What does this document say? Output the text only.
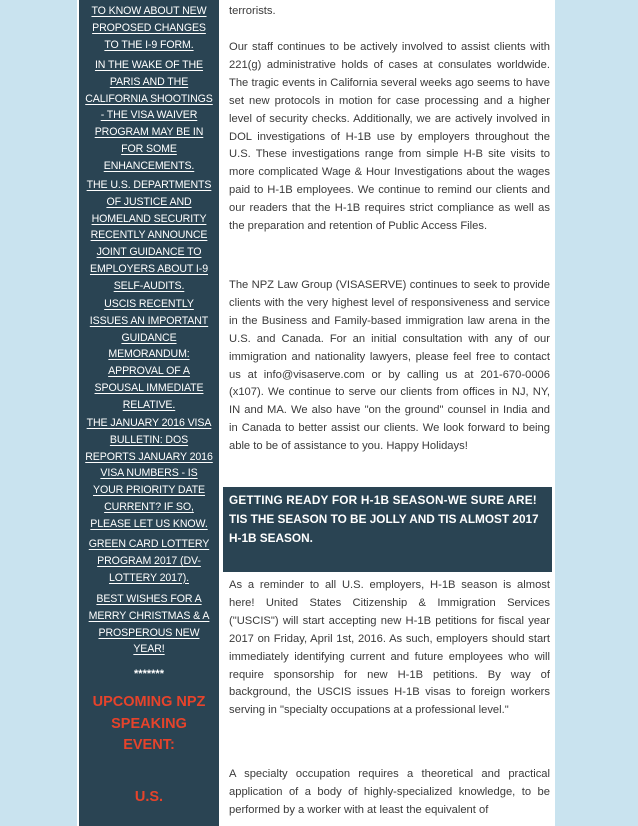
TO KNOW ABOUT NEW PROPOSED CHANGES TO THE I-9 FORM.
IN THE WAKE OF THE PARIS AND THE CALIFORNIA SHOOTINGS - THE VISA WAIVER PROGRAM MAY BE IN FOR SOME ENHANCEMENTS.
THE U.S. DEPARTMENTS OF JUSTICE AND HOMELAND SECURITY RECENTLY ANNOUNCE JOINT GUIDANCE TO EMPLOYERS ABOUT I-9 SELF-AUDITS.
USCIS RECENTLY ISSUES AN IMPORTANT GUIDANCE MEMORANDUM: APPROVAL OF A SPOUSAL IMMEDIATE RELATIVE.
THE JANUARY 2016 VISA BULLETIN: DOS REPORTS JANUARY 2016 VISA NUMBERS - IS YOUR PRIORITY DATE CURRENT? IF SO, PLEASE LET US KNOW.
GREEN CARD LOTTERY PROGRAM 2017 (DV-LOTTERY 2017).
BEST WISHES FOR A MERRY CHRISTMAS & A PROSPEROUS NEW YEAR!
*******
UPCOMING NPZ SPEAKING EVENT:
U.S.

terrorists.

Our staff continues to be actively involved to assist clients with 221(g) administrative holds of cases at consulates worldwide. The tragic events in California several weeks ago seems to have set new protocols in motion for case processing and a higher level of security checks. Additionally, we are actively involved in DOL investigations of H-1B use by employers throughout the U.S. These investigations range from simple H-B site visits to more complicated Wage & Hour Investigations about the wages paid to H-1B employees. We continue to remind our clients and our readers that the H-1B requires strict compliance as well as the preparation and retention of Public Access Files.

The NPZ Law Group (VISASERVE) continues to seek to provide clients with the very highest level of responsiveness and service in the Business and Family-based immigration law arena in the U.S. and Canada. For an initial consultation with any of our immigration and nationality lawyers, please feel free to contact us at info@visaserve.com or by calling us at 201-670-0006 (x107). We continue to serve our clients from offices in NJ, NY, IN and MA. We also have "on the ground" counsel in India and in Canada to better assist our clients. We look forward to being able to be of assistance to you. Happy Holidays!

As a reminder to all U.S. employers, H-1B season is almost here! United States Citizenship & Immigration Services ("USCIS") will start accepting new H-1B petitions for fiscal year 2017 on Friday, April 1st, 2016. As such, employers should start immediately identifying current and future employees who will require sponsorship for new H-1B petitions. By way of background, the USCIS issues H-1B visas to foreign workers serving in "specialty occupations at a professional level."

A specialty occupation requires a theoretical and practical application of a body of highly-specialized knowledge, to be performed by a worker with at least the equivalent of

GETTING READY FOR H-1B SEASON-WE SURE ARE!
TIS THE SEASON TO BE JOLLY AND TIS ALMOST 2017 H-1B SEASON.
